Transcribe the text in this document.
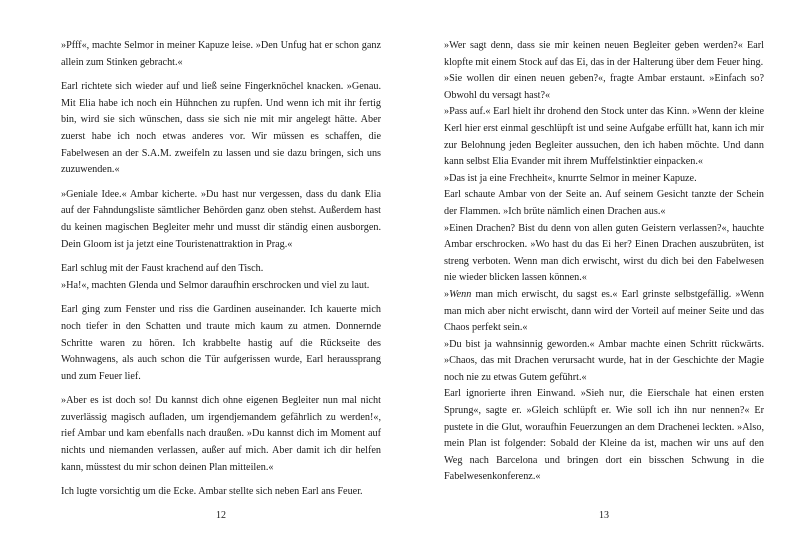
»Pfff«, machte Selmor in meiner Kapuze leise. »Den Unfug hat er schon ganz allein zum Stinken gebracht.«

Earl richtete sich wieder auf und ließ seine Fingerknöchel knacken. »Genau. Mit Elia habe ich noch ein Hühnchen zu rupfen. Und wenn ich mit ihr fertig bin, wird sie sich wünschen, dass sie sich nie mit mir angelegt hätte. Aber zuerst habe ich noch etwas anderes vor. Wir müssen es schaffen, die Fabelwesen an der S.A.M. zweifeln zu lassen und sie dazu bringen, sich uns zuzuwenden.«

»Geniale Idee.« Ambar kicherte. »Du hast nur vergessen, dass du dank Elia auf der Fahndungsliste sämtlicher Behörden ganz oben stehst. Außerdem hast du keinen magischen Begleiter mehr und musst dir ständig einen ausborgen. Dein Gloom ist ja jetzt eine Touristenattraktion in Prag.«

Earl schlug mit der Faust krachend auf den Tisch.

»Ha!«, machten Glenda und Selmor daraufhin erschrocken und viel zu laut.

Earl ging zum Fenster und riss die Gardinen auseinander. Ich kauerte mich noch tiefer in den Schatten und traute mich kaum zu atmen. Donnernde Schritte waren zu hören. Ich krabbelte hastig auf die Rückseite des Wohnwagens, als auch schon die Tür aufgerissen wurde, Earl heraussprang und zum Feuer lief.

»Aber es ist doch so! Du kannst dich ohne eigenen Begleiter nun mal nicht zuverlässig magisch aufladen, um irgendjemandem gefährlich zu werden!«, rief Ambar und kam ebenfalls nach draußen. »Du kannst dich im Moment auf nichts und niemanden verlassen, außer auf mich. Aber damit ich dir helfen kann, müsstest du mir schon deinen Plan mitteilen.«

Ich lugte vorsichtig um die Ecke. Ambar stellte sich neben Earl ans Feuer.

12

»Wer sagt denn, dass sie mir keinen neuen Begleiter geben werden?« Earl klopfte mit einem Stock auf das Ei, das in der Halterung über dem Feuer hing.

»Sie wollen dir einen neuen geben?«, fragte Ambar erstaunt. »Einfach so? Obwohl du versagt hast?«

»Pass auf.« Earl hielt ihr drohend den Stock unter das Kinn. »Wenn der kleine Kerl hier erst einmal geschlüpft ist und seine Aufgabe erfüllt hat, kann ich mir zur Belohnung jeden Begleiter aussuchen, den ich haben möchte. Und dann kann selbst Elia Evander mit ihrem Muffelstinktier einpacken.«

»Das ist ja eine Frechheit«, knurrte Selmor in meiner Kapuze.

Earl schaute Ambar von der Seite an. Auf seinem Gesicht tanzte der Schein der Flammen. »Ich brüte nämlich einen Drachen aus.«

»Einen Drachen? Bist du denn von allen guten Geistern verlassen?«, hauchte Ambar erschrocken. »Wo hast du das Ei her? Einen Drachen auszubrüten, ist streng verboten. Wenn man dich erwischt, wirst du dich bei den Fabelwesen nie wieder blicken lassen können.«

»Wenn man mich erwischt, du sagst es.« Earl grinste selbstgefällig. »Wenn man mich aber nicht erwischt, dann wird der Vorteil auf meiner Seite und das Chaos perfekt sein.«

»Du bist ja wahnsinnig geworden.« Ambar machte einen Schritt rückwärts. »Chaos, das mit Drachen verursacht wurde, hat in der Geschichte der Magie noch nie zu etwas Gutem geführt.«

Earl ignorierte ihren Einwand. »Sieh nur, die Eierschale hat einen ersten Sprung«, sagte er. »Gleich schlüpft er. Wie soll ich ihn nur nennen?« Er pustete in die Glut, woraufhin Feuerzungen an dem Drachenei leckten. »Also, mein Plan ist folgender: Sobald der Kleine da ist, machen wir uns auf den Weg nach Barcelona und bringen dort ein bisschen Schwung in die Fabelwesenkonferenz.«

13
